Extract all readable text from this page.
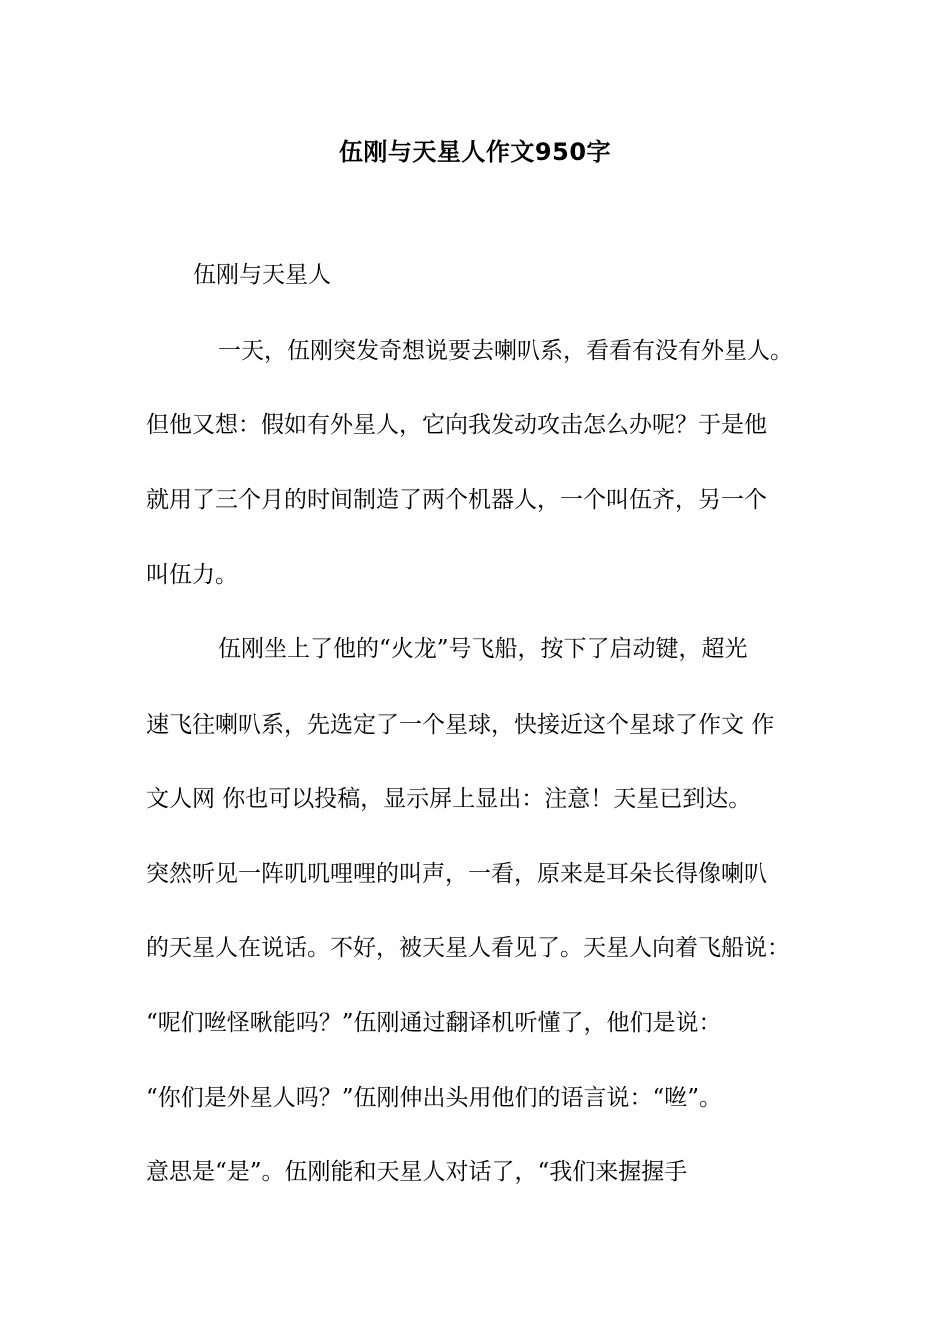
伍刚与天星人作文950字
伍刚与天星人
一天，伍刚突发奇想说要去喇叭系，看看有没有外星人。
但他又想：假如有外星人，它向我发动攻击怎么办呢？于是他
就用了三个月的时间制造了两个机器人，一个叫伍齐，另一个
叫伍力。
伍刚坐上了他的“火龙”号飞船，按下了启动键，超光
速飞往喇叭系，先选定了一个星球，快接近这个星球了作文 作
文人网 你也可以投稿，显示屏上显出：注意！天星已到达。
突然听见一阵叽叽哩哩的叫声，一看，原来是耳朵长得像喇叭
的天星人在说话。不好，被天星人看见了。天星人向着飞船说：
“呢们咝怪啾能吗？”伍刚通过翻译机听懂了，他们是说：
“你们是外星人吗？”伍刚伸出头用他们的语言说：“咝”。
意思是“是”。伍刚能和天星人对话了，“我们来握握手
